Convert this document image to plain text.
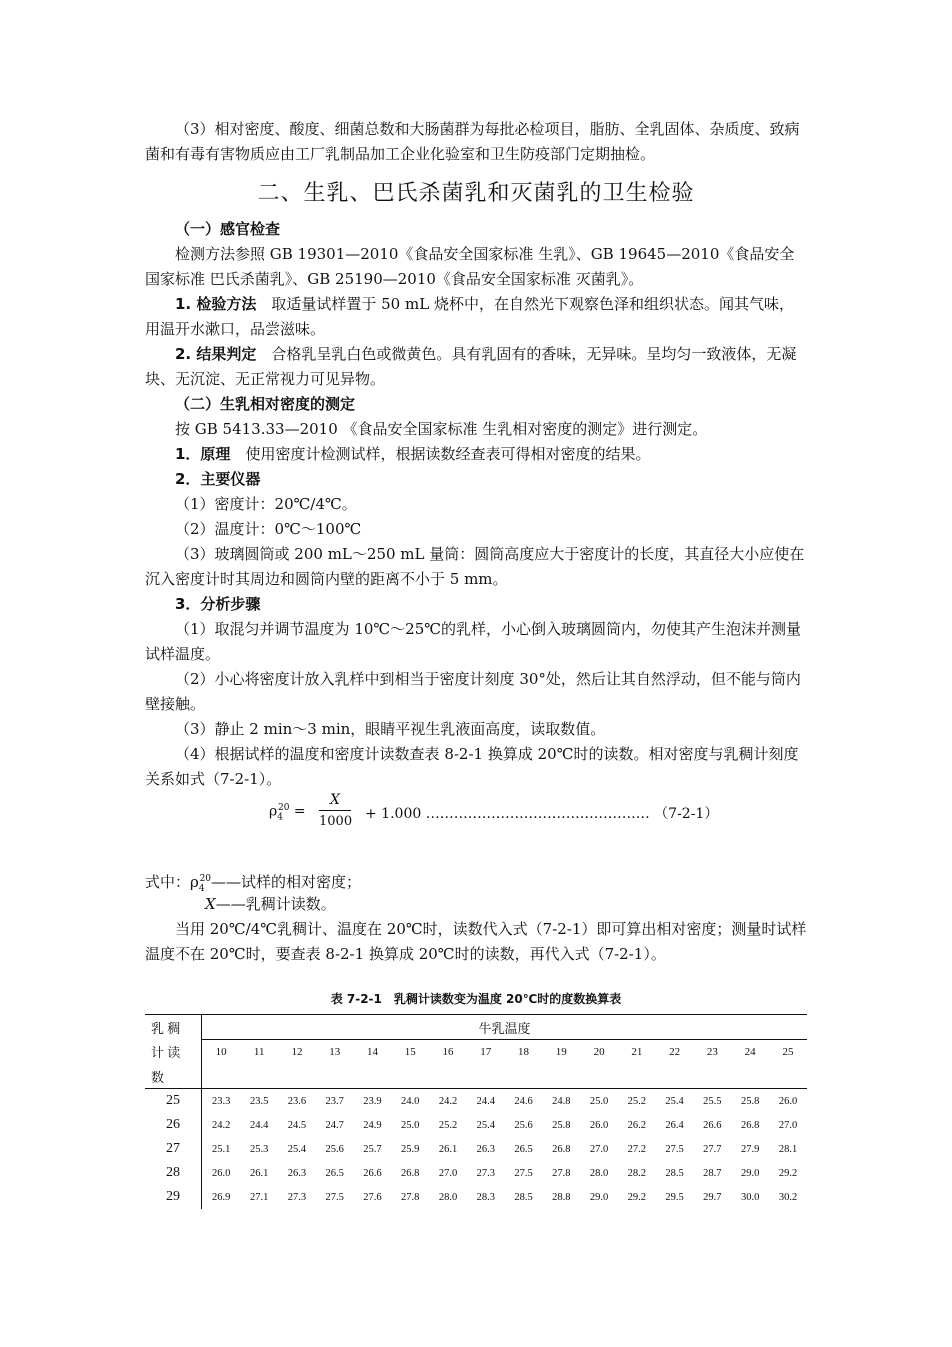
（3）相对密度、酸度、细菌总数和大肠菌群为每批必检项目，脂肪、全乳固体、杂质度、致病菌和有毒有害物质应由工厂乳制品加工企业化验室和卫生防疫部门定期抽检。

二、生乳、巴氏杀菌乳和灭菌乳的卫生检验

（一）感官检查

检测方法参照 GB 19301—2010《食品安全国家标准 生乳》、GB 19645—2010《食品安全国家标准 巴氏杀菌乳》、GB 25190—2010《食品安全国家标准 灭菌乳》。

1. 检验方法　 取适量试样置于 50 mL 烧杯中，在自然光下观察色泽和组织状态。闻其气味，用温开水漱口，品尝滋味。

2. 结果判定　 合格乳呈乳白色或微黄色。具有乳固有的香味，无异味。呈均匀一致液体，无凝块、无沉淀、无正常视力可见异物。

（二）生乳相对密度的测定

按 GB 5413.33—2010 《食品安全国家标准 生乳相对密度的测定》进行测定。

1．原理　 使用密度计检测试样，根据读数经查表可得相对密度的结果。

2．主要仪器

（1）密度计：20℃/4℃。

（2）温度计：0℃～100℃

（3）玻璃圆筒或 200 mL～250 mL 量筒：圆筒高度应大于密度计的长度，其直径大小应使在沉入密度计时其周边和圆筒内壁的距离不小于 5 mm。

3．分析步骤

（1）取混匀并调节温度为 10℃～25℃的乳样，小心倒入玻璃圆筒内，勿使其产生泡沫并测量试样温度。

（2）小心将密度计放入乳样中到相当于密度计刻度 30°处，然后让其自然浮动，但不能与筒内壁接触。

（3）静止 2 min～3 min，眼睛平视生乳液面高度，读取数值。

（4）根据试样的温度和密度计读数查表 8-2-1 换算成 20℃时的读数。相对密度与乳稠计刻度关系如式（7-2-1）。

$\rho_4^{20}$ =
X
1000 + 1.000 ………………………………………… （7-2-1）

式中：$\rho_4^{20}——$试样的相对密度；

X——乳稠计读数。

当用 20℃/4℃乳稠计、温度在 20℃时，读数代入式（7-2-1）即可算出相对密度；测量时试样温度不在 20℃时，要查表 8-2-1 换算成 20℃时的读数，再代入式（7-2-1）。

表 7-2-1　乳稠计读数变为温度 20℃时的度数换算表
乳 稠	牛乳温度															
计 读	10	11	12	13	14	15	16	17	18	19	20	21	22	23	24	25
数																
25	23.3	23.5	23.6	23.7	23.9	24.0	24.2	24.4	24.6	24.8	25.0	25.2	25.4	25.5	25.8	26.0
26	24.2	24.4	24.5	24.7	24.9	25.0	25.2	25.4	25.6	25.8	26.0	26.2	26.4	26.6	26.8	27.0
27	25.1	25.3	25.4	25.6	25.7	25.9	26.1	26.3	26.5	26.8	27.0	27.2	27.5	27.7	27.9	28.1
28	26.0	26.1	26.3	26.5	26.6	26.8	27.0	27.3	27.5	27.8	28.0	28.2	28.5	28.7	29.0	29.2
29	26.9	27.1	27.3	27.5	27.6	27.8	28.0	28.3	28.5	28.8	29.0	29.2	29.5	29.7	30.0	30.2
